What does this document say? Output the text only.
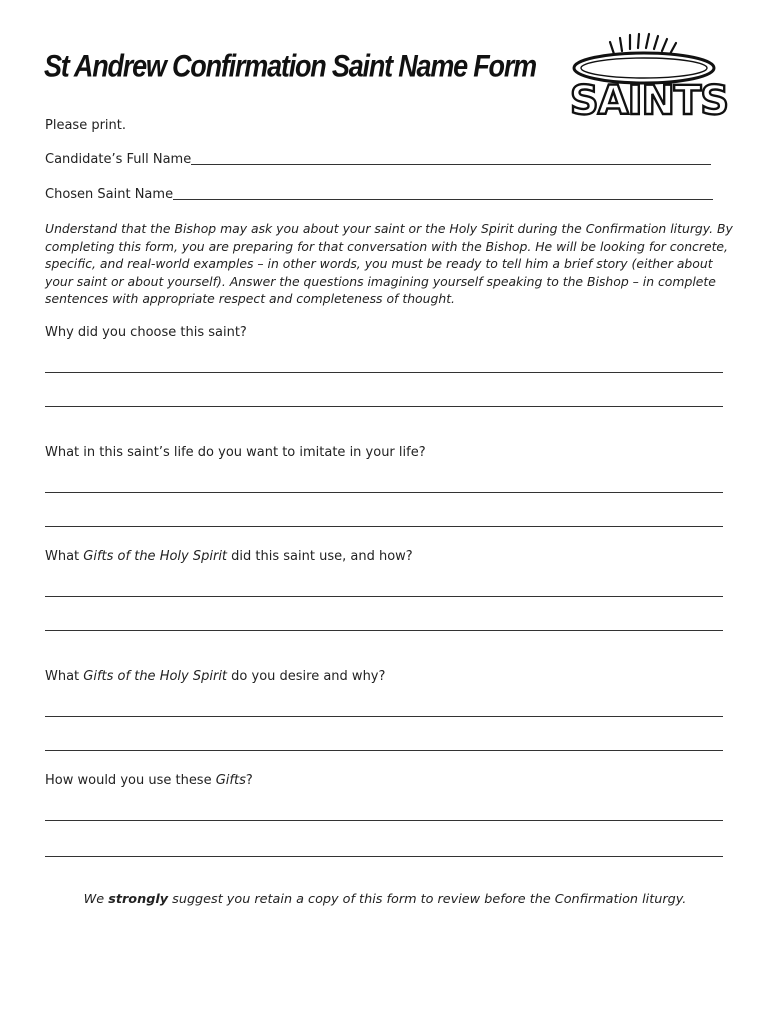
St Andrew Confirmation Saint Name Form
SAINTS
Please print.
Candidate’s Full Name
Chosen Saint Name

Understand that the Bishop may ask you about your saint or the Holy Spirit during the Confirmation liturgy. By completing this form, you are preparing for that conversation with the Bishop. He will be looking for concrete, specific, and real-world examples – in other words, you must be ready to tell him a brief story (either about your saint or about yourself). Answer the questions imagining yourself speaking to the Bishop – in complete sentences with appropriate respect and completeness of thought.

Why did you choose this saint?
What in this saint’s life do you want to imitate in your life?
What Gifts of the Holy Spirit did this saint use, and how?
What Gifts of the Holy Spirit do you desire and why?
How would you use these Gifts?
We strongly suggest you retain a copy of this form to review before the Confirmation liturgy.
